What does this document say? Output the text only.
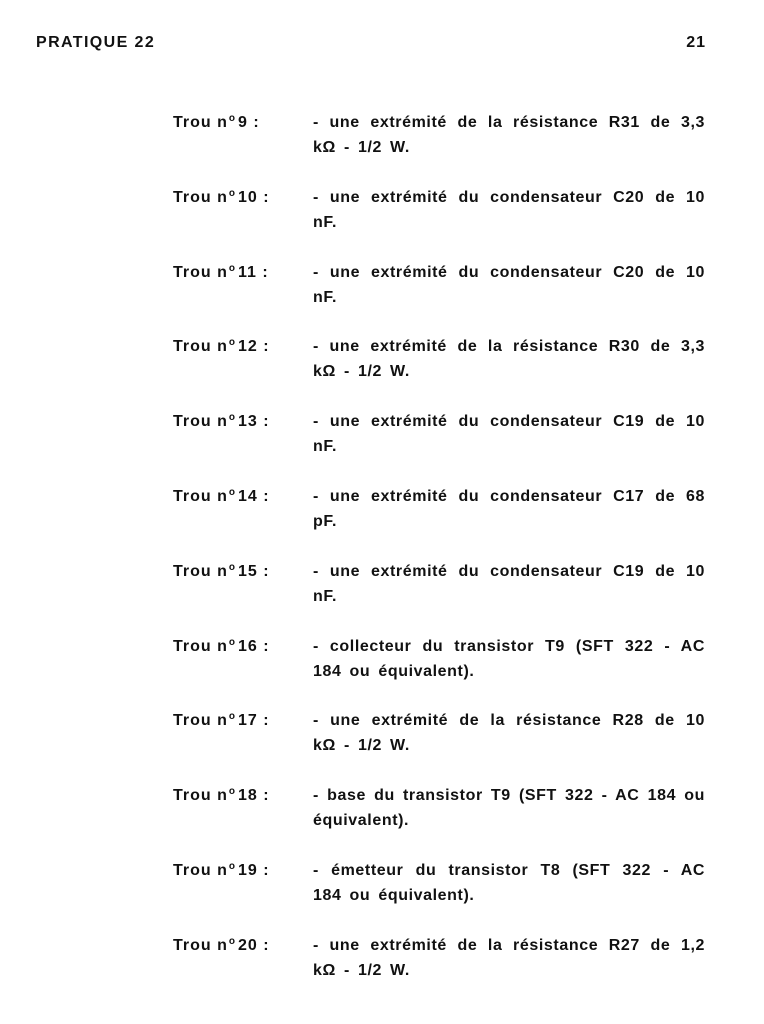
PRATIQUE 22	21
Trou $n^o$ 9 :	- une extrémité de la résistance R31 de 3,3 kΩ - 1/2 W.
Trou $n^o$ 10 :	- une extrémité du condensateur C20 de 10 nF.
Trou $n^o$ 11 :	- une extrémité du condensateur C20 de 10 nF.
Trou $n^o$ 12 :	- une extrémité de la résistance R30 de 3,3 kΩ - 1/2 W.
Trou $n^o$ 13 :	- une extrémité du condensateur C19 de 10 nF.
Trou $n^o$ 14 :	- une extrémité du condensateur C17 de 68 pF.
Trou $n^o$ 15 :	- une extrémité du condensateur C19 de 10 nF.
Trou $n^o$ 16 :	- collecteur du transistor T9 (SFT 322 - AC 184 ou équivalent).
Trou $n^o$ 17 :	- une extrémité de la résistance R28 de 10 kΩ - 1/2 W.
Trou $n^o$ 18 :	- base du transistor T9 (SFT 322 - AC 184 ou équivalent).
Trou $n^o$ 19 :	- émetteur du transistor T8 (SFT 322 - AC 184 ou équivalent).
Trou $n^o$ 20 :	- une extrémité de la résistance R27 de 1,2 kΩ - 1/2 W.
